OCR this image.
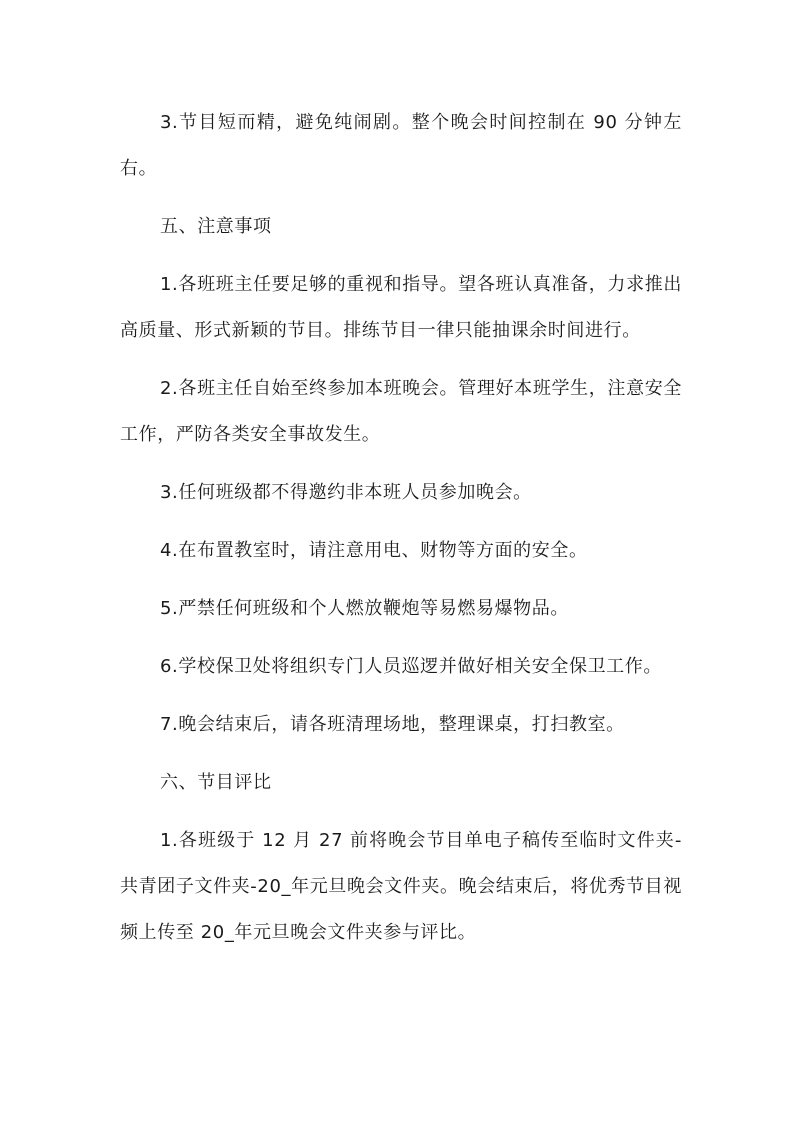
3.节目短而精，避免纯闹剧。整个晚会时间控制在 90 分钟左右。

五、注意事项

1.各班班主任要足够的重视和指导。望各班认真准备，力求推出高质量、形式新颖的节目。排练节目一律只能抽课余时间进行。

2.各班主任自始至终参加本班晚会。管理好本班学生，注意安全工作，严防各类安全事故发生。

3.任何班级都不得邀约非本班人员参加晚会。

4.在布置教室时，请注意用电、财物等方面的安全。

5.严禁任何班级和个人燃放鞭炮等易燃易爆物品。

6.学校保卫处将组织专门人员巡逻并做好相关安全保卫工作。

7.晚会结束后，请各班清理场地，整理课桌，打扫教室。

六、节目评比

1.各班级于 12 月 27 前将晚会节目单电子稿传至临时文件夹-共青团子文件夹-20_年元旦晚会文件夹。晚会结束后，将优秀节目视频上传至 20_年元旦晚会文件夹参与评比。
